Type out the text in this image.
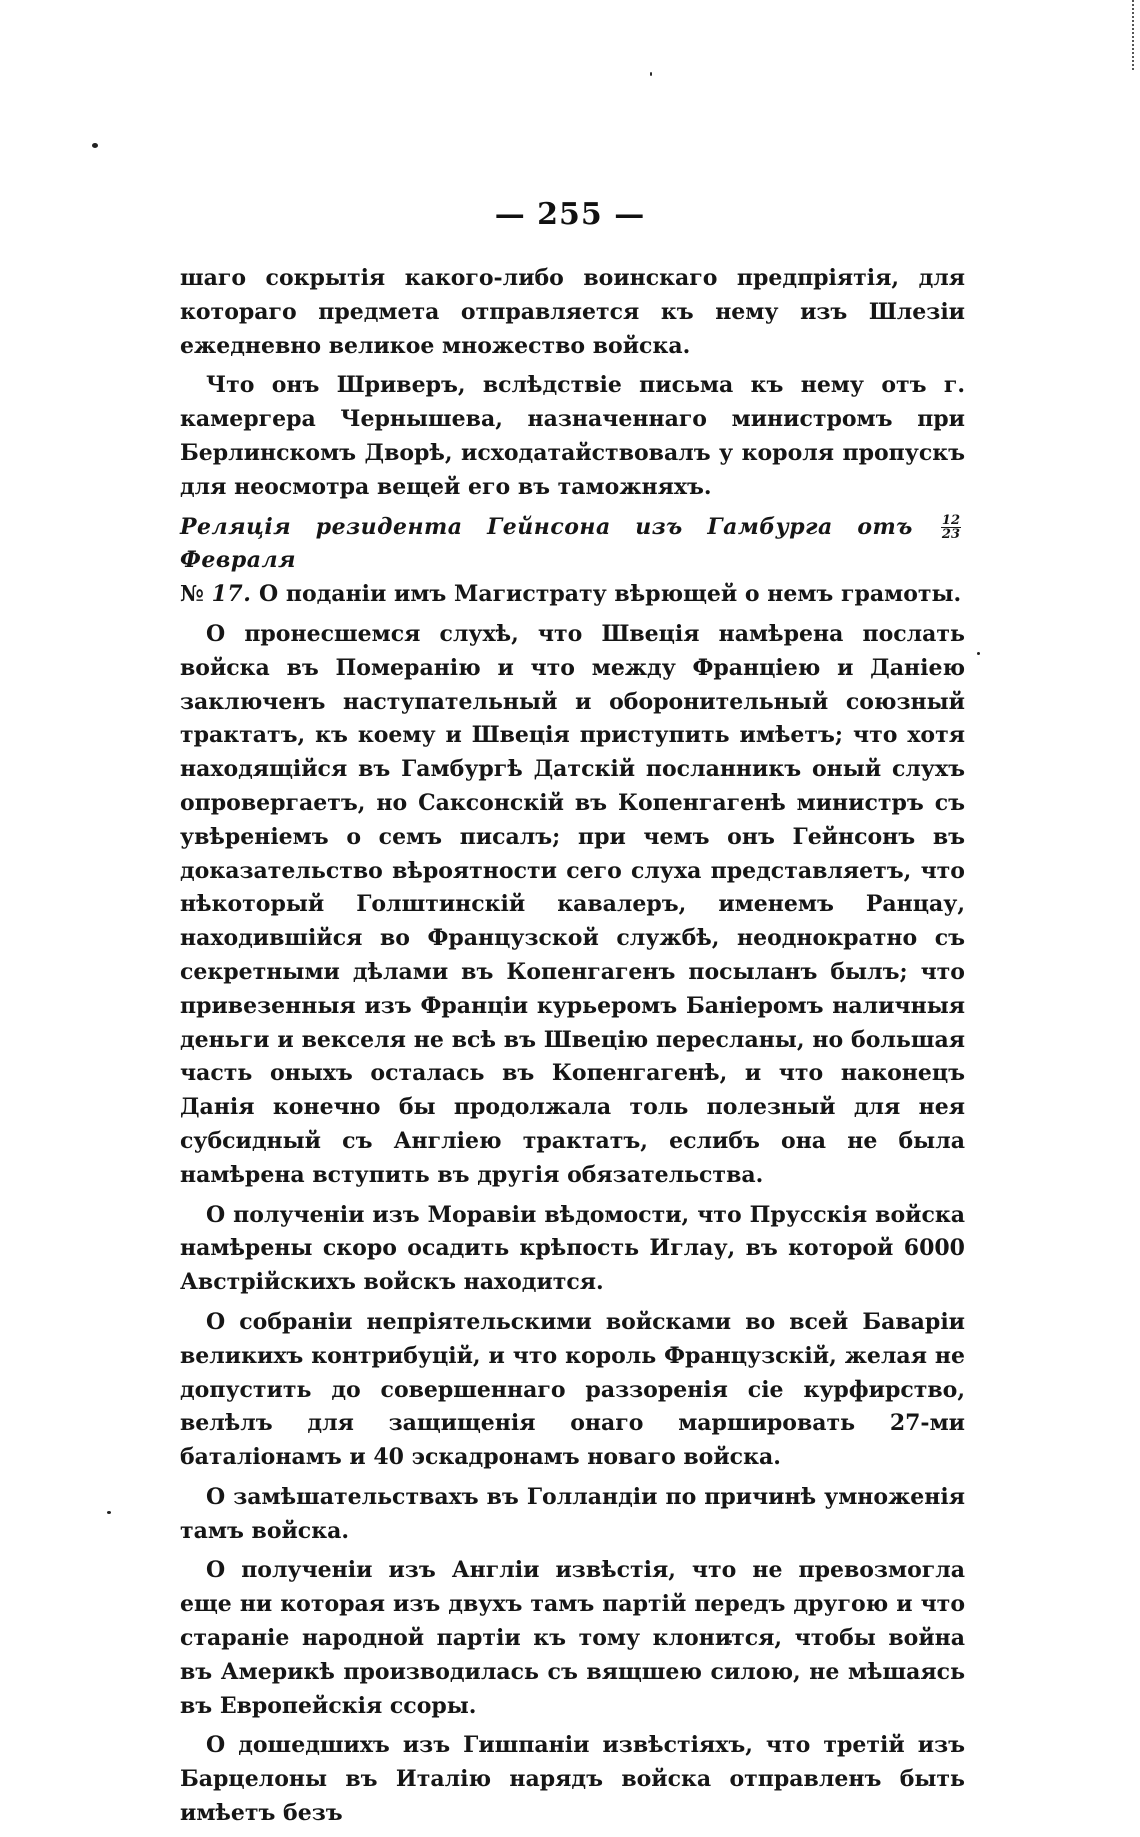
— 255 —

шаго сокрытія какого-либо воинскаго предпріятія, для котораго предмета отправляется къ нему изъ Шлезіи ежедневно великое множество войска.

Что онъ Шриверъ, вслѣдствіе письма къ нему отъ г. камергера Чернышева, назначеннаго министромъ при Берлинскомъ Дворѣ, исходатайствовалъ у короля пропускъ для неосмотра вещей его въ таможняхъ.

Реляція резидента Гейнсона изъ Гамбурга отъ $\frac{12}{23}$
Февраля
№ 17. О поданіи имъ Магистрату вѣрющей о немъ грамоты.

О пронесшемся слухѣ, что Швеція намѣрена послать войска въ Померанію и что между Франціею и Даніею заключенъ наступательный и оборонительный союзный трактатъ, къ коему и Швеція приступить имѣетъ; что хотя находящійся въ Гамбургѣ Датскій посланникъ оный слухъ опровергаетъ, но Саксонскій въ Копенгагенѣ министръ съ увѣреніемъ о семъ писалъ; при чемъ онъ Гейнсонъ въ доказательство вѣроятности сего слуха представляетъ, что нѣкоторый Голштинскій кавалеръ, именемъ Ранцау, находившійся во Французской службѣ, неоднократно съ секретными дѣлами въ Копенгагенъ посыланъ былъ; что привезенныя изъ Франціи курьеромъ Баніеромъ наличныя деньги и векселя не всѣ въ Швецію пересланы, но большая часть оныхъ осталась въ Копенгагенѣ, и что наконецъ Данія конечно бы продолжала толь полезный для нея субсидный съ Англіею трактатъ, еслибъ она не была намѣрена вступить въ другія обязательства.

О полученіи изъ Моравіи вѣдомости, что Прусскія войска намѣрены скоро осадить крѣпость Иглау, въ которой 6000 Австрійскихъ войскъ находится.

О собраніи непріятельскими войсками во всей Баваріи великихъ контрибуцій, и что король Французскій, желая не допустить до совершеннаго раззоренія сіе курфирство, велѣлъ для защищенія онаго маршировать 27-ми баталіонамъ и 40 эскадронамъ новаго войска.

О замѣшательствахъ въ Голландіи по причинѣ умноженія тамъ войска.

О полученіи изъ Англіи извѣстія, что не превозмогла еще ни которая изъ двухъ тамъ партій передъ другою и что стараніе народной партіи къ тому клонится, чтобы война въ Америкѣ производилась съ вящшею силою, не мѣшаясь въ Европейскія ссоры.

О дошедшихъ изъ Гишпаніи извѣстіяхъ, что третій изъ Барцелоны въ Италію нарядъ войска отправленъ быть имѣетъ безъ
